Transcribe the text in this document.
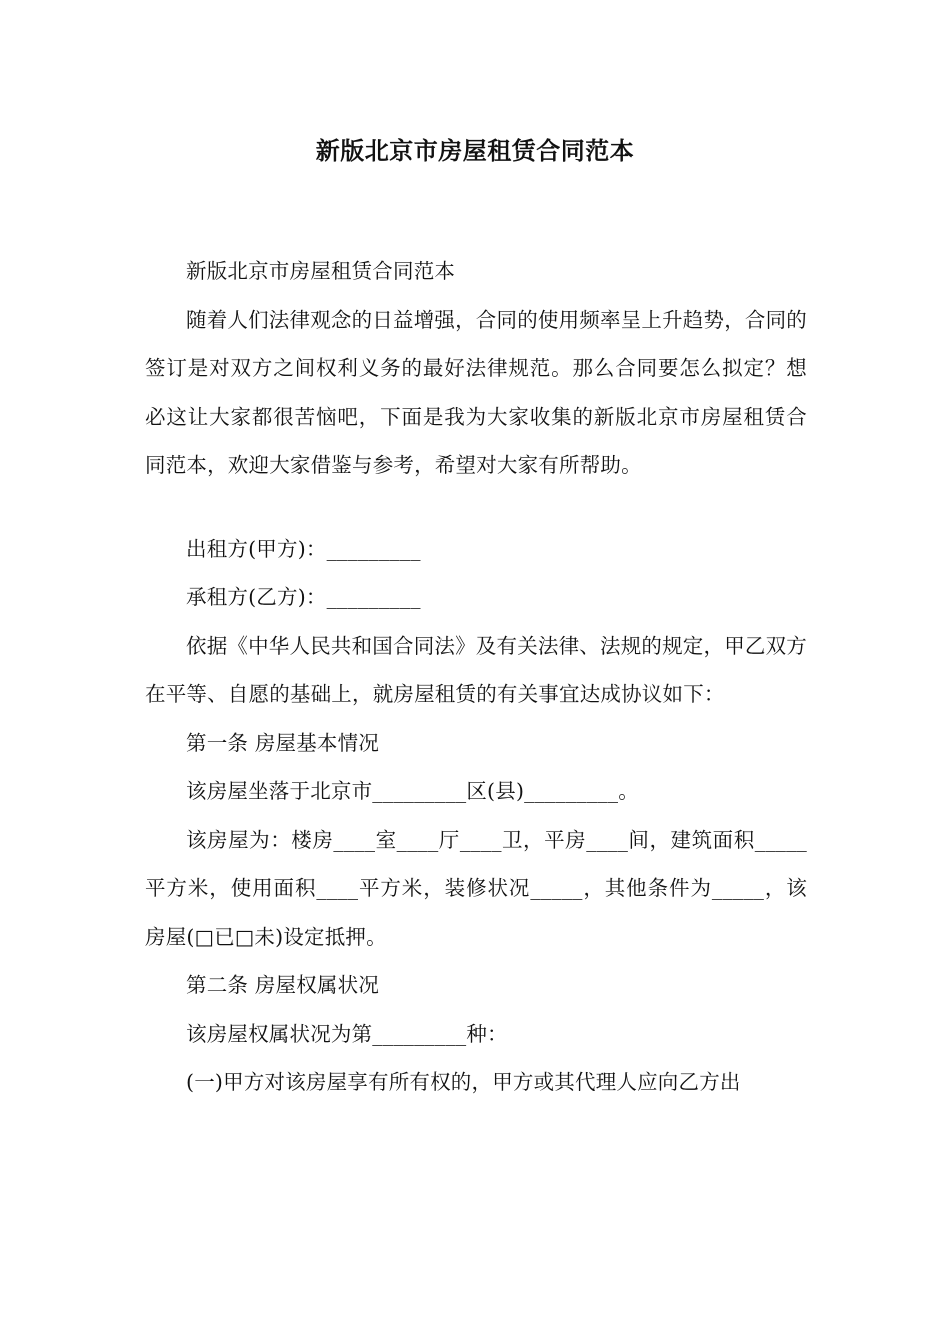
新版北京市房屋租赁合同范本

新版北京市房屋租赁合同范本

随着人们法律观念的日益增强，合同的使用频率呈上升趋势，合同的签订是对双方之间权利义务的最好法律规范。那么合同要怎么拟定？想必这让大家都很苦恼吧，下面是我为大家收集的新版北京市房屋租赁合同范本，欢迎大家借鉴与参考，希望对大家有所帮助。

出租方(甲方)：_________

承租方(乙方)：_________

依据《中华人民共和国合同法》及有关法律、法规的规定，甲乙双方在平等、自愿的基础上，就房屋租赁的有关事宜达成协议如下：

第一条 房屋基本情况

该房屋坐落于北京市_________区(县)_________。

该房屋为：楼房____室____厅____卫，平房____间，建筑面积_____平方米，使用面积____平方米，装修状况_____，其他条件为_____，该房屋(□已□未)设定抵押。

第二条 房屋权属状况

该房屋权属状况为第_________种：

(一)甲方对该房屋享有所有权的，甲方或其代理人应向乙方出
